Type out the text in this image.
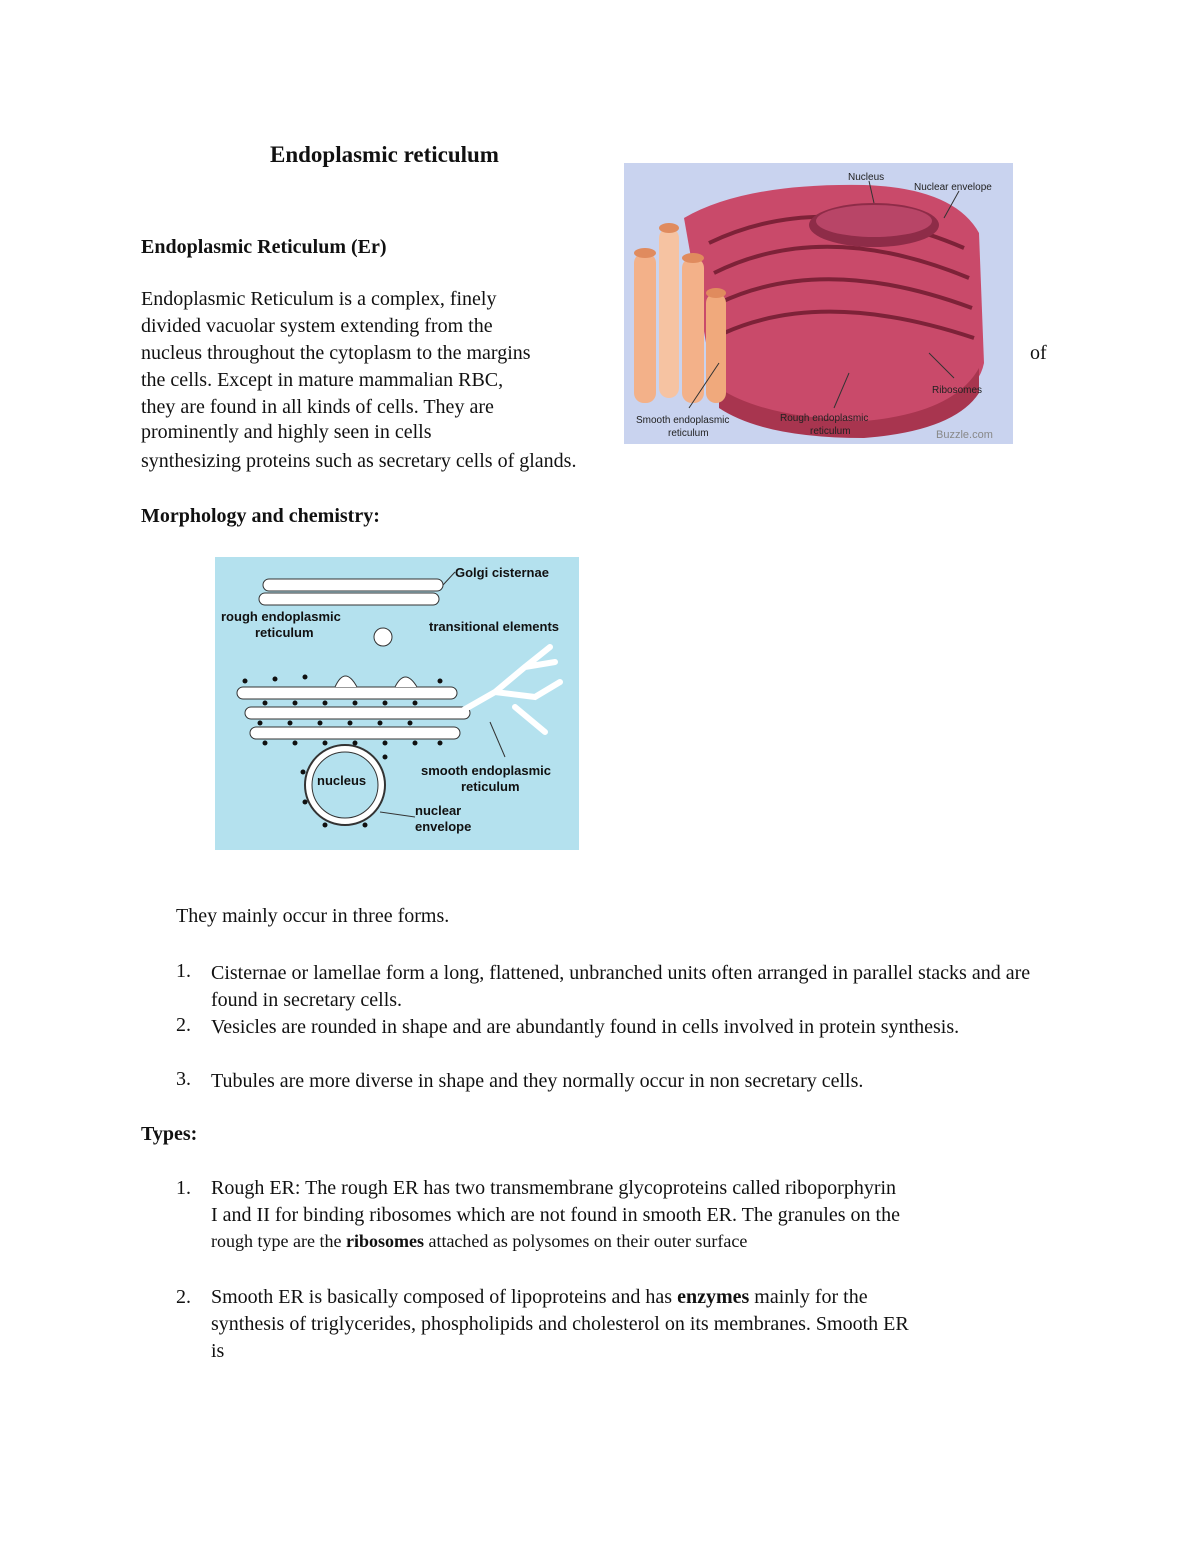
Endoplasmic reticulum
Endoplasmic Reticulum (Er)
Endoplasmic Reticulum is a complex, finely
divided vacuolar system extending from the
nucleus throughout the cytoplasm to the margins	of
the cells. Except in mature mammalian RBC,
they are found in all kinds of cells. They are
prominently and highly seen in cells
synthesizing proteins such as secretary cells of glands.
Nucleus
Nuclear envelope
Ribosomes
Smooth endoplasmic
reticulum
Rough endoplasmic
reticulum	Buzzle.com
Morphology and chemistry:
Golgi cisternae
rough endoplasmic
reticulum	transitional elements
smooth endoplasmic
reticulum
nucleus
nuclear
envelope
They mainly occur in three forms.
1. Cisternae or lamellae form a long, flattened, unbranched units often arranged in parallel stacks and are found in secretary cells.
2. Vesicles are rounded in shape and are abundantly found in cells involved in protein synthesis.
3. Tubules are more diverse in shape and they normally occur in non secretary cells.
Types:
1. Rough ER: The rough ER has two transmembrane glycoproteins called riboporphyrin
I and II for binding ribosomes which are not found in smooth ER. The granules on the
rough type are the ribosomes attached as polysomes on their outer surface
2. Smooth ER is basically composed of lipoproteins and has enzymes mainly for the
synthesis of triglycerides, phospholipids and cholesterol on its membranes. Smooth ER
is
